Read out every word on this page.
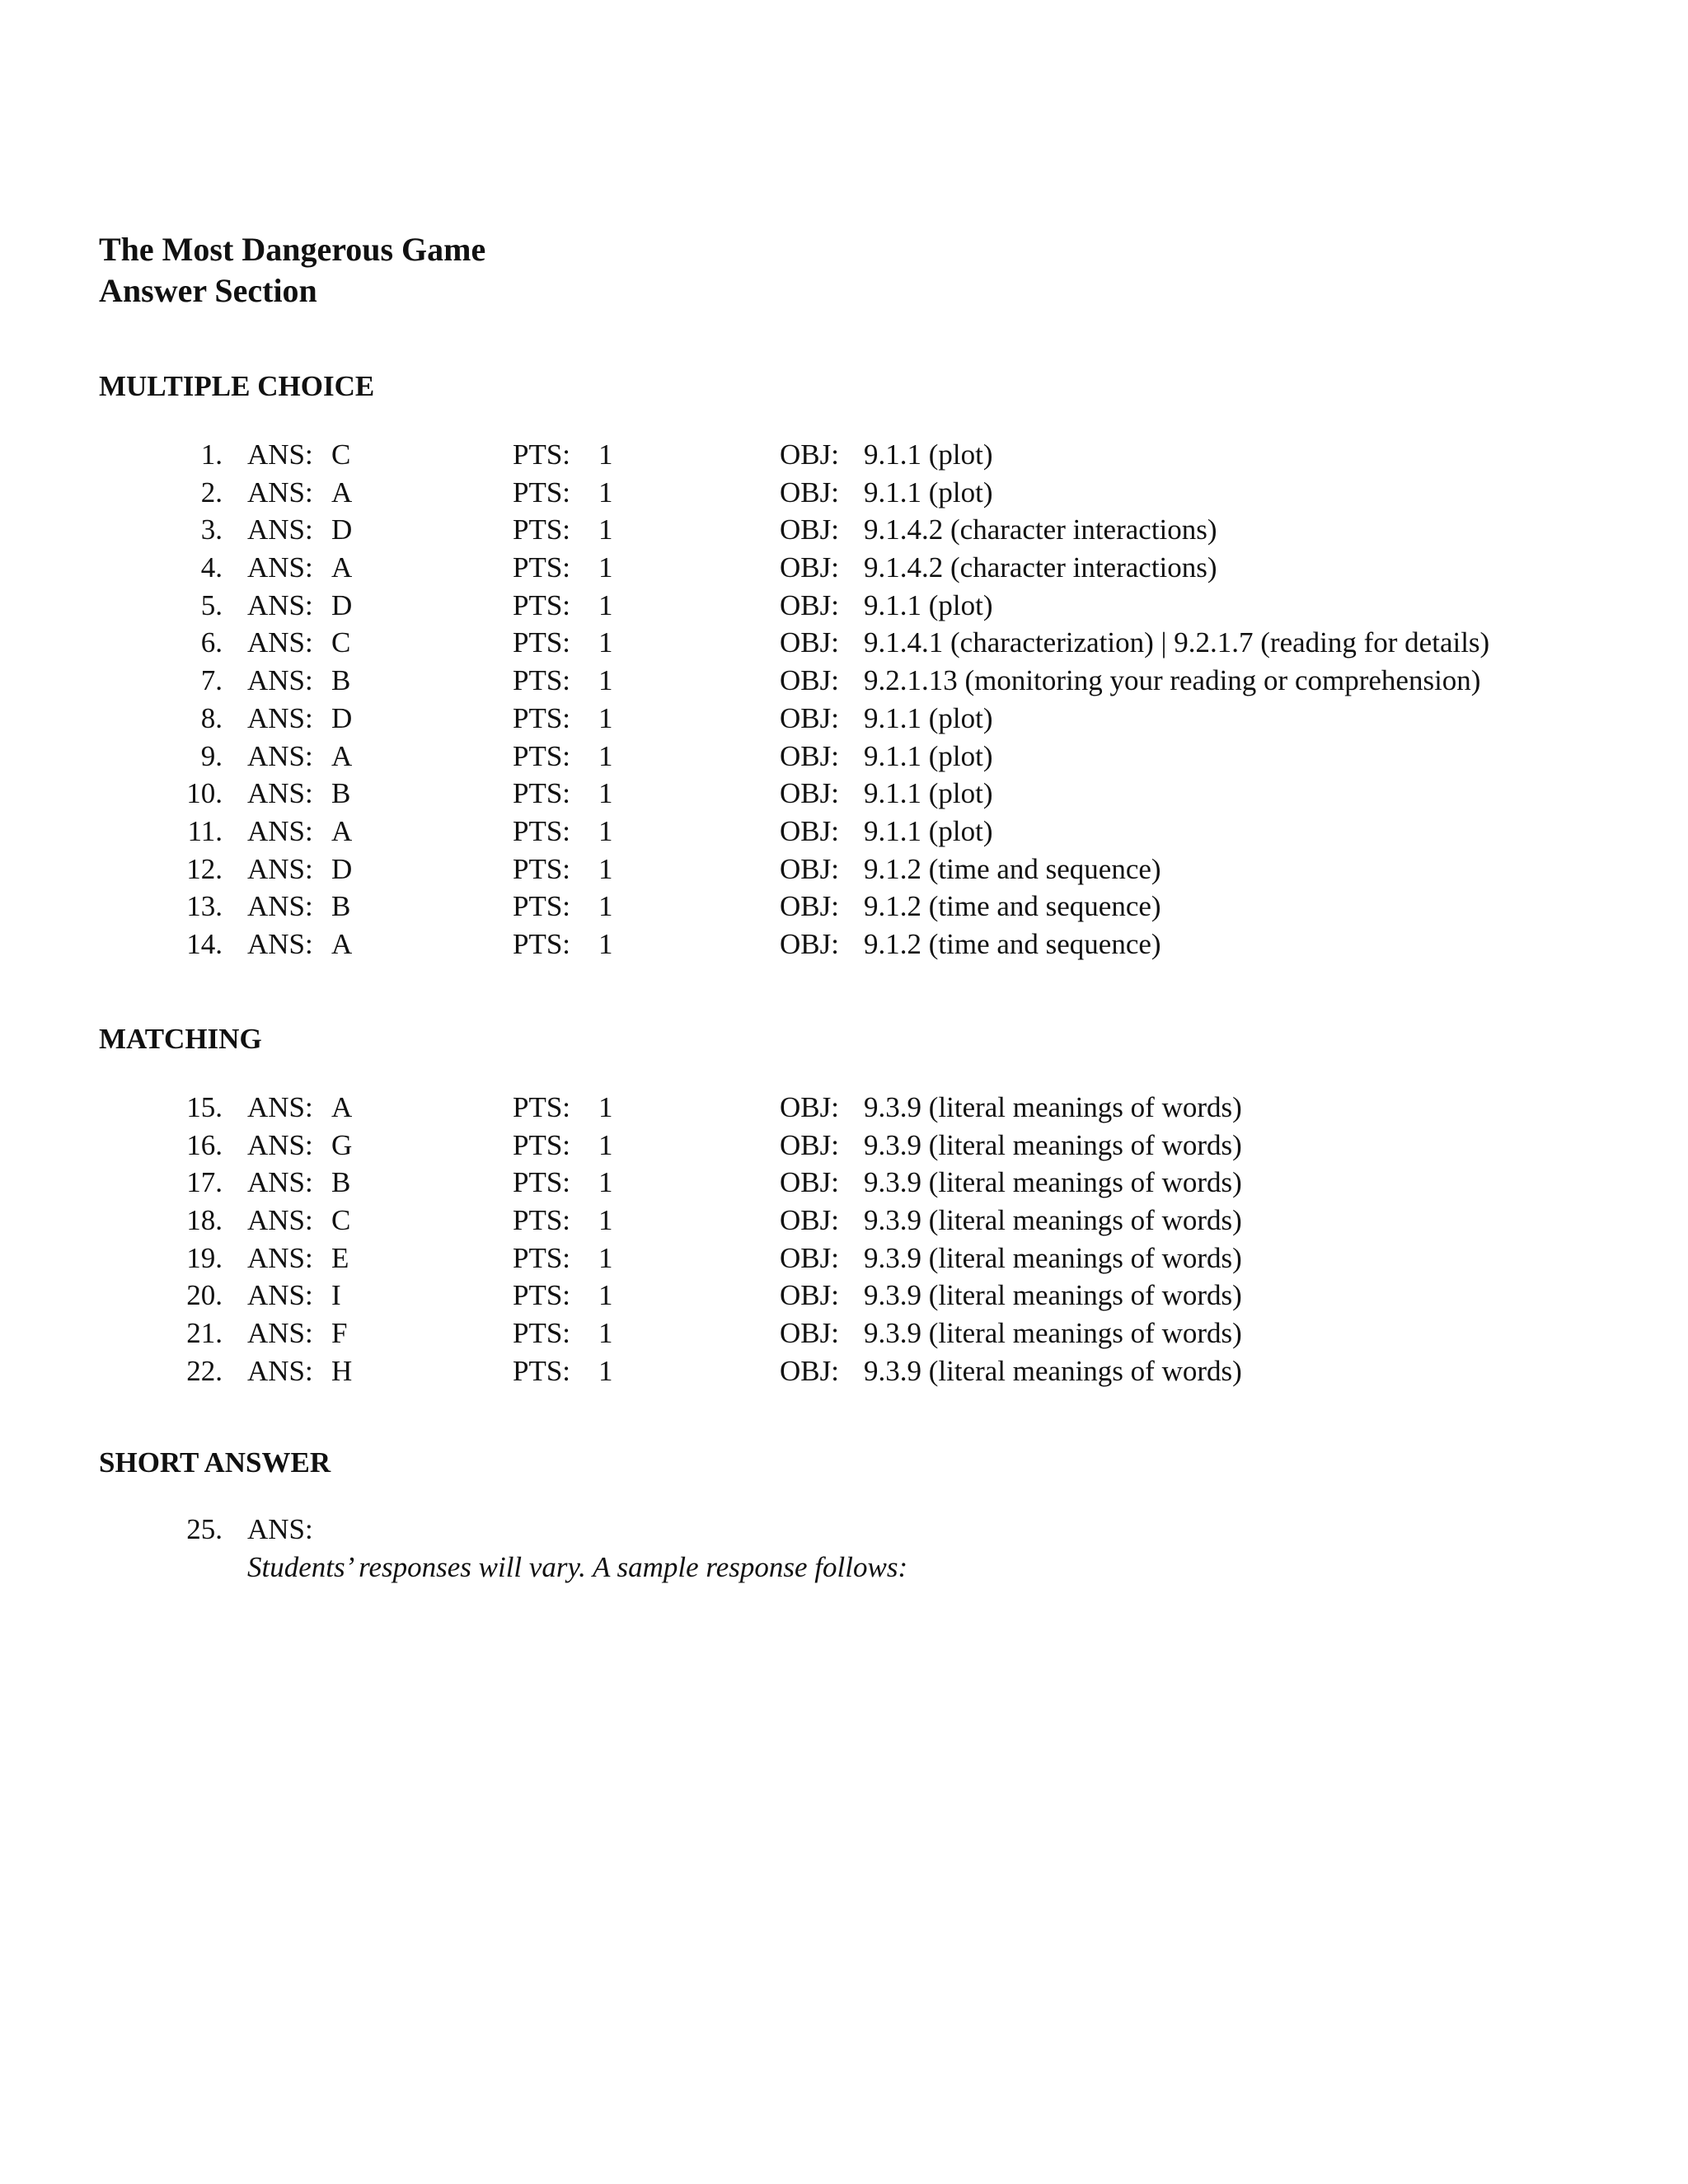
The Most Dangerous Game
Answer Section
MULTIPLE CHOICE
1. ANS: C	PTS: 1	OBJ: 9.1.1 (plot)
2. ANS: A	PTS: 1	OBJ: 9.1.1 (plot)
3. ANS: D	PTS: 1	OBJ: 9.1.4.2 (character interactions)
4. ANS: A	PTS: 1	OBJ: 9.1.4.2 (character interactions)
5. ANS: D	PTS: 1	OBJ: 9.1.1 (plot)
6. ANS: C	PTS: 1	OBJ: 9.1.4.1 (characterization) | 9.2.1.7 (reading for details)
7. ANS: B	PTS: 1	OBJ: 9.2.1.13 (monitoring your reading or comprehension)
8. ANS: D	PTS: 1	OBJ: 9.1.1 (plot)
9. ANS: A	PTS: 1	OBJ: 9.1.1 (plot)
10. ANS: B	PTS: 1	OBJ: 9.1.1 (plot)
11. ANS: A	PTS: 1	OBJ: 9.1.1 (plot)
12. ANS: D	PTS: 1	OBJ: 9.1.2 (time and sequence)
13. ANS: B	PTS: 1	OBJ: 9.1.2 (time and sequence)
14. ANS: A	PTS: 1	OBJ: 9.1.2 (time and sequence)
MATCHING
15. ANS: A	PTS: 1	OBJ: 9.3.9 (literal meanings of words)
16. ANS: G	PTS: 1	OBJ: 9.3.9 (literal meanings of words)
17. ANS: B	PTS: 1	OBJ: 9.3.9 (literal meanings of words)
18. ANS: C	PTS: 1	OBJ: 9.3.9 (literal meanings of words)
19. ANS: E	PTS: 1	OBJ: 9.3.9 (literal meanings of words)
20. ANS: I	PTS: 1	OBJ: 9.3.9 (literal meanings of words)
21. ANS: F	PTS: 1	OBJ: 9.3.9 (literal meanings of words)
22. ANS: H	PTS: 1	OBJ: 9.3.9 (literal meanings of words)
SHORT ANSWER
25. ANS:
Students’ responses will vary. A sample response follows:
